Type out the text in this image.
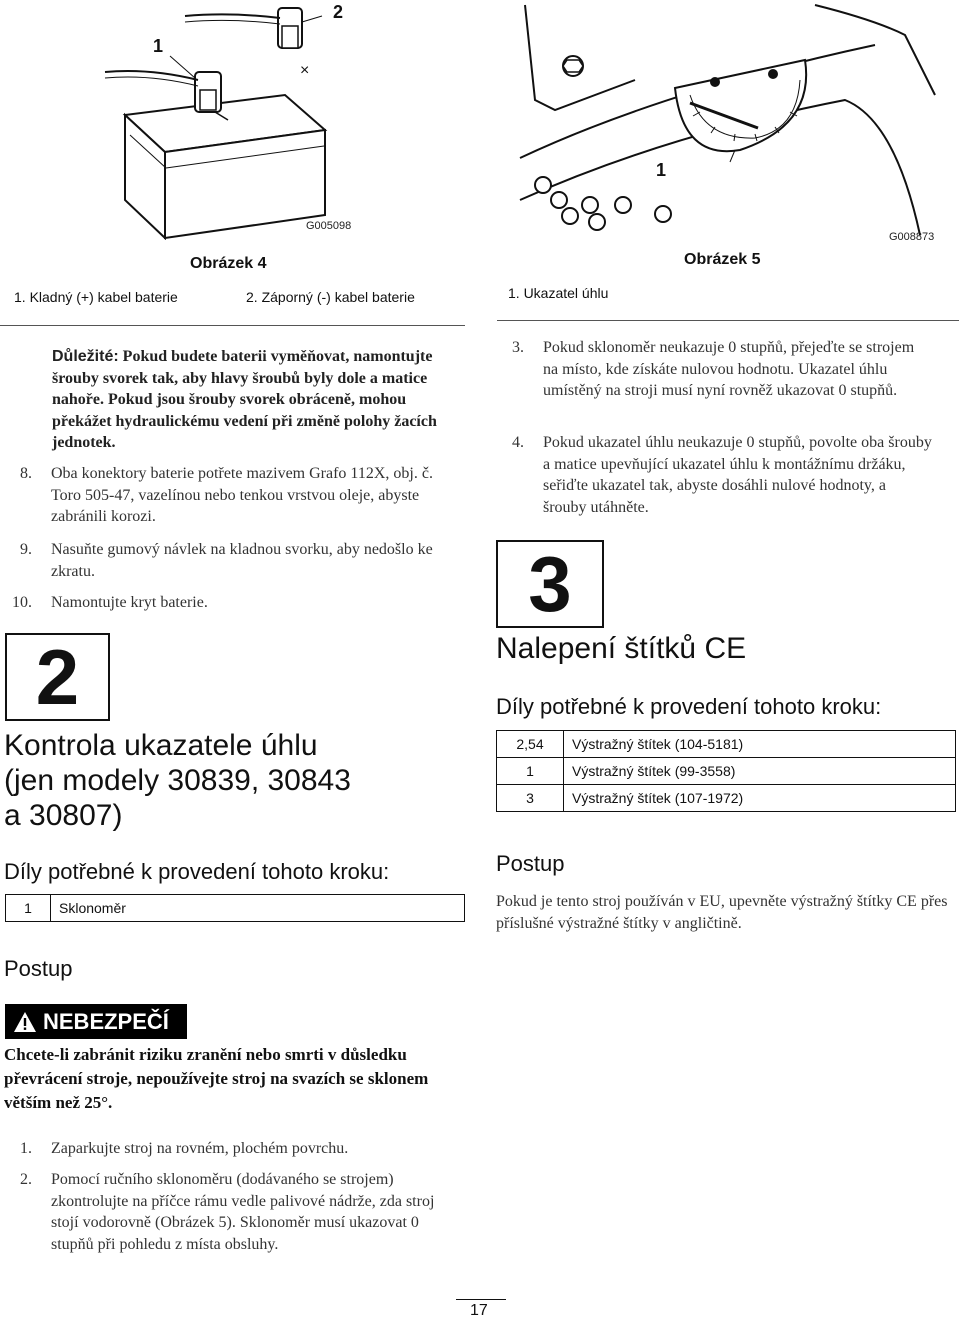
×
1
2
G005098
Obrázek 4
1. Kladný (+) kabel baterie	2. Záporný (-) kabel baterie
1
G008873
Obrázek 5
1. Ukazatel úhlu
Důležité: Pokud budete baterii vyměňovat, namontujte šrouby svorek tak, aby hlavy šroubů byly dole a matice nahoře. Pokud jsou šrouby svorek obráceně, mohou překážet hydraulickému vedení při změně polohy žacích jednotek.
8. Oba konektory baterie potřete mazivem Grafo 112X, obj. č. Toro 505-47, vazelínou nebo tenkou vrstvou oleje, abyste zabránili korozi.
9. Nasuňte gumový návlek na kladnou svorku, aby nedošlo ke zkratu.
10. Namontujte kryt baterie.
2
Kontrola ukazatele úhlu
(jen modely 30839, 30843
a 30807)
Díly potřebné k provedení tohoto kroku:
1	Sklonoměr
Postup
NEBEZPEČÍ
Chcete-li zabránit riziku zranění nebo smrti v důsledku převrácení stroje, nepoužívejte stroj na svazích se sklonem větším než 25°.
1. Zaparkujte stroj na rovném, plochém povrchu.
2. Pomocí ručního sklonoměru (dodávaného se strojem) zkontrolujte na příčce rámu vedle palivové nádrže, zda stroj stojí vodorovně (Obrázek 5). Sklonoměr musí ukazovat 0 stupňů při pohledu z místa obsluhy.
3. Pokud sklonoměr neukazuje 0 stupňů, přejeďte se strojem na místo, kde získáte nulovou hodnotu. Ukazatel úhlu umístěný na stroji musí nyní rovněž ukazovat 0 stupňů.
4. Pokud ukazatel úhlu neukazuje 0 stupňů, povolte oba šrouby a matice upevňující ukazatel úhlu k montážnímu držáku, seřiďte ukazatel tak, abyste dosáhli nulové hodnoty, a šrouby utáhněte.
3
Nalepení štítků CE
Díly potřebné k provedení tohoto kroku:
2,54	Výstražný štítek (104-5181)
1	Výstražný štítek (99-3558)
3	Výstražný štítek (107-1972)
Postup
Pokud je tento stroj používán v EU, upevněte výstražný štítky CE přes příslušné výstražné štítky v angličtině.
17
